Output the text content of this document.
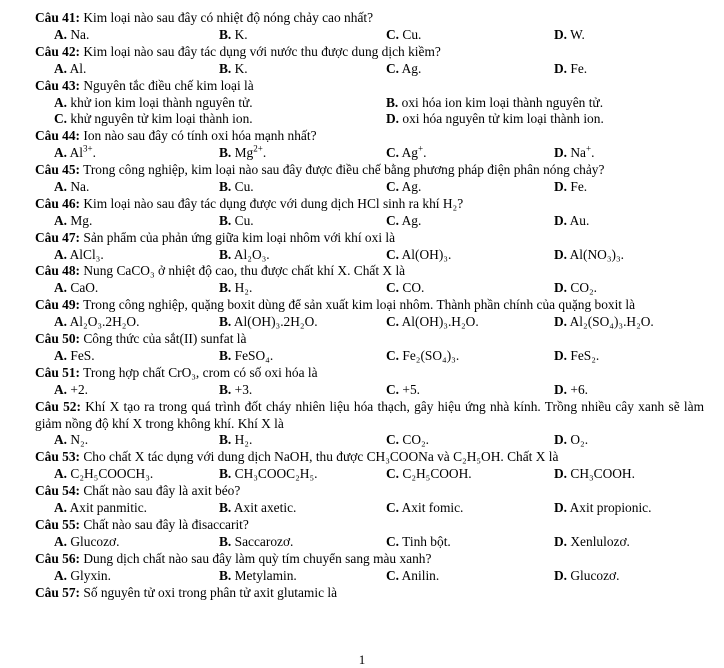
Câu 41: Kim loại nào sau đây có nhiệt độ nóng chảy cao nhất?
A. Na.	B. K.	C. Cu.	D. W.
Câu 42: Kim loại nào sau đây tác dụng với nước thu được dung dịch kiềm?
A. Al.	B. K.	C. Ag.	D. Fe.
Câu 43: Nguyên tắc điều chế kim loại là
A. khử ion kim loại thành nguyên tử.	B. oxi hóa ion kim loại thành nguyên tử.
C. khử nguyên tử kim loại thành ion.	D. oxi hóa nguyên tử kim loại thành ion.
Câu 44: Ion nào sau đây có tính oxi hóa mạnh nhất?
A. $Al^{3+}$.	B. $Mg^{2+}$.	C. Ag+.	D. Na+.
Câu 45: Trong công nghiệp, kim loại nào sau đây được điều chế bằng phương pháp điện phân nóng chảy?
A. Na.	B. Cu.	C. Ag.	D. Fe.
Câu 46: Kim loại nào sau đây tác dụng được với dung dịch HCl sinh ra khí H₂?
A. Mg.	B. Cu.	C. Ag.	D. Au.
Câu 47: Sản phẩm của phản ứng giữa kim loại nhôm với khí oxi là
A. AlCl₃.	B. Al₂O₃.	C. Al(OH)₃.	D. Al(NO₃)₃.
Câu 48: Nung CaCO₃ ở nhiệt độ cao, thu được chất khí X. Chất X là
A. CaO.	B. H₂.	C. CO.	D. CO₂.
Câu 49: Trong công nghiệp, quặng boxit dùng để sản xuất kim loại nhôm. Thành phần chính của quặng boxit là
A. Al₂O₃.2H₂O.	B. Al(OH)₃.2H₂O.	C. Al(OH)₃.H₂O.	D. Al₂(SO₄)₃.H₂O.
Câu 50: Công thức của sắt(II) sunfat là
A. FeS.	B. FeSO₄.	C. Fe₂(SO₄)₃.	D. FeS₂.
Câu 51: Trong hợp chất CrO₃, crom có số oxi hóa là
A. +2.	B. +3.	C. +5.	D. +6.
Câu 52: Khí X tạo ra trong quá trình đốt cháy nhiên liệu hóa thạch, gây hiệu ứng nhà kính. Trồng nhiều cây xanh sẽ làm giảm nồng độ khí X trong không khí. Khí X là
A. N₂.	B. H₂.	C. CO₂.	D. O₂.
Câu 53: Cho chất X tác dụng với dung dịch NaOH, thu được CH₃COONa và C₂H₅OH. Chất X là
A. C₂H₅COOCH₃.	B. CH₃COOC₂H₅.	C. C₂H₅COOH.	D. CH₃COOH.
Câu 54: Chất nào sau đây là axit béo?
A. Axit panmitic.	B. Axit axetic.	C. Axit fomic.	D. Axit propionic.
Câu 55: Chất nào sau đây là đisaccarit?
A. Glucozơ.	B. Saccarozơ.	C. Tinh bột.	D. Xenlulozơ.
Câu 56: Dung dịch chất nào sau đây làm quỳ tím chuyển sang màu xanh?
A. Glyxin.	B. Metylamin.	C. Anilin.	D. Glucozơ.
Câu 57: Số nguyên tử oxi trong phân tử axit glutamic là
1
